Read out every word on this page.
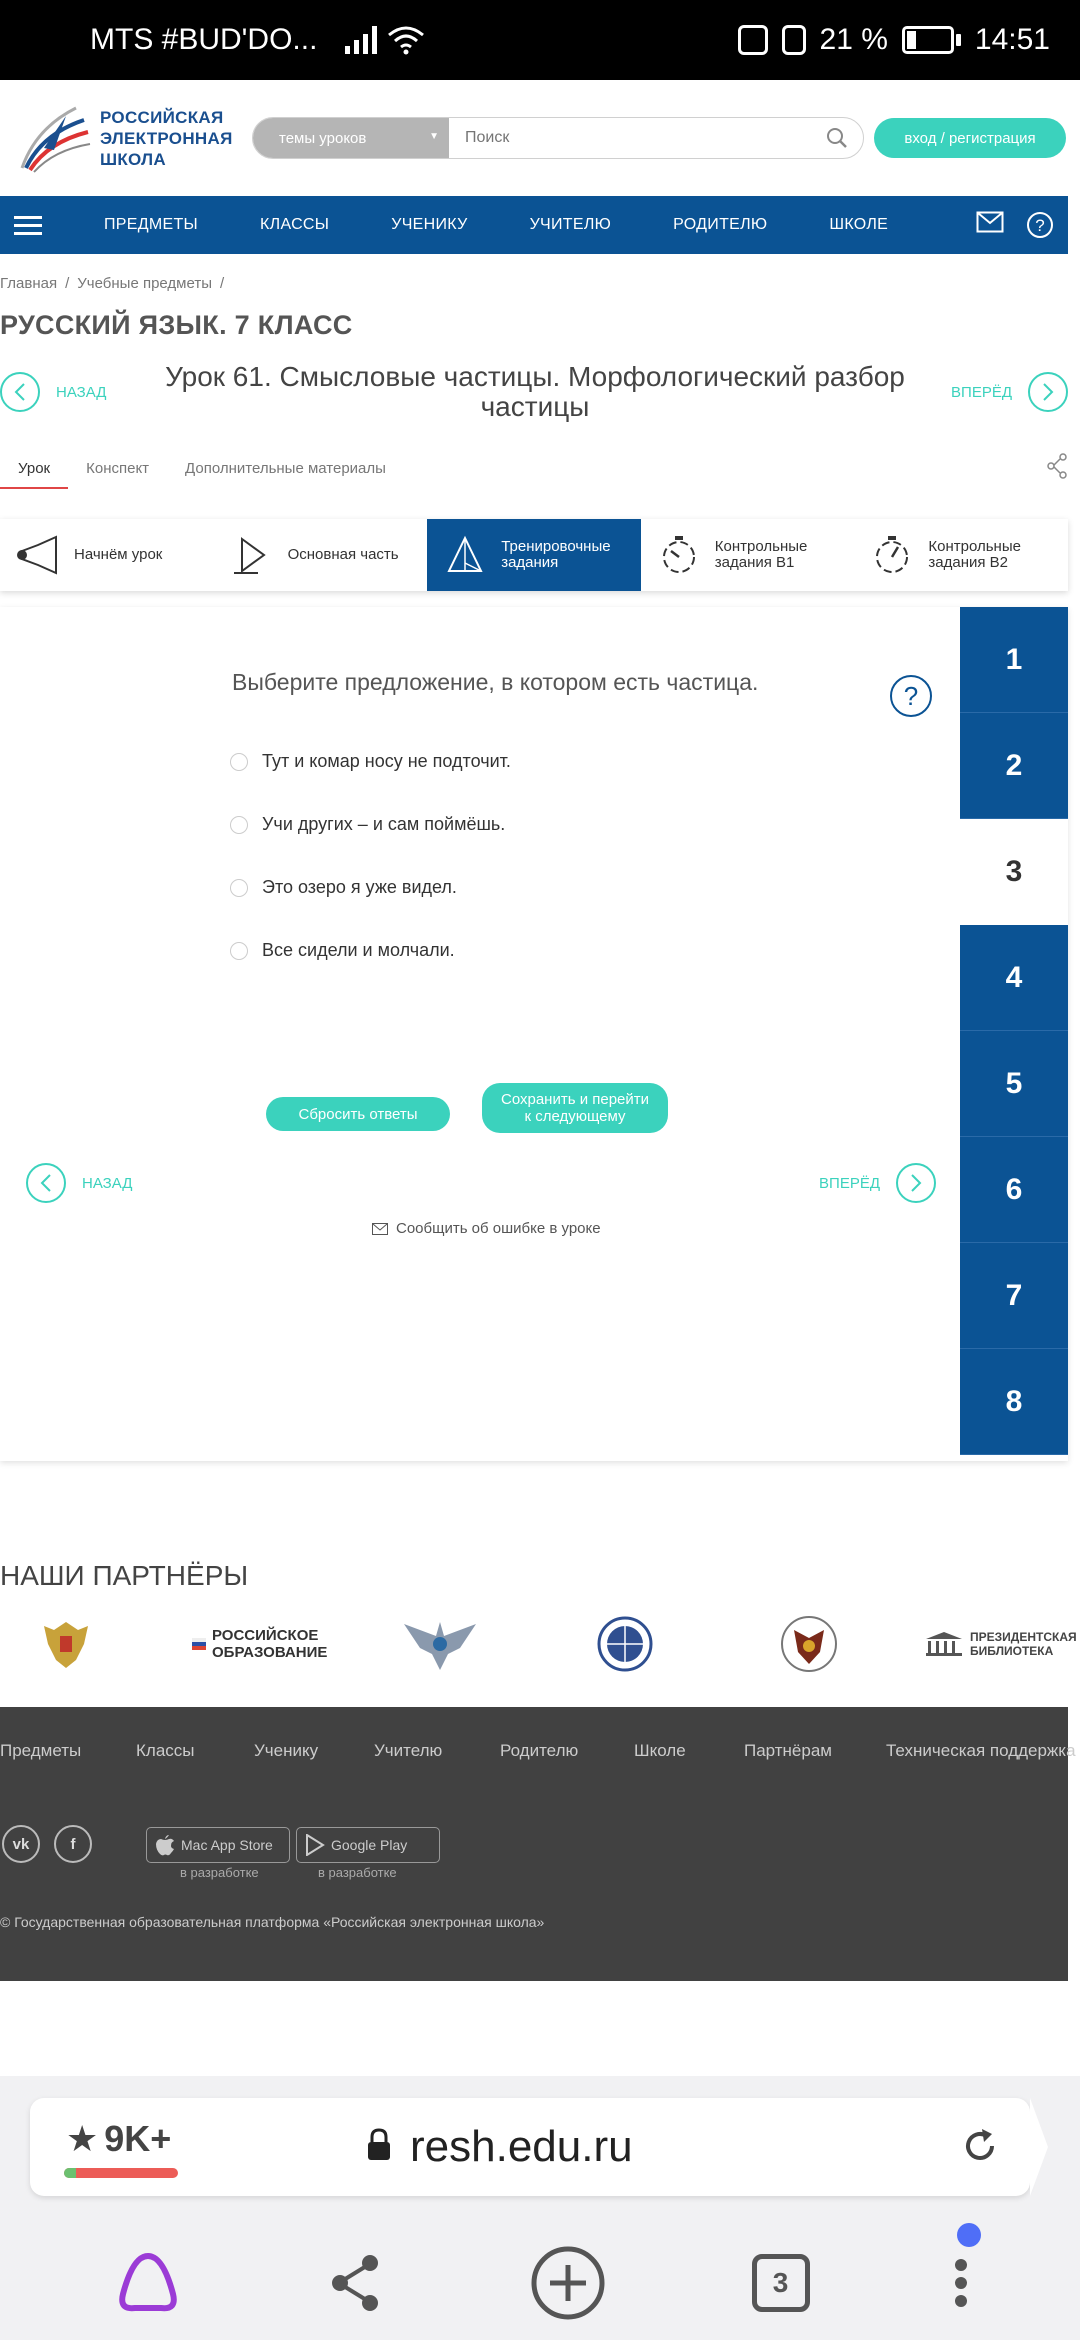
MTS #BUD'DO...	21 %	14:51
РОССИЙСКАЯ
ЭЛЕКТРОННАЯ
ШКОЛА
темы уроков	▼
Поиск	вход / регистрация
ПРЕДМЕТЫ	КЛАССЫ	УЧЕНИКУ	УЧИТЕЛЮ	РОДИТЕЛЮ	ШКОЛЕ	?
Главная / Учебные предметы /
РУССКИЙ ЯЗЫК. 7 КЛАСС
НАЗАД	Урок 61. Смысловые частицы. Морфологический разбор частицы	ВПЕРЁД
Урок	Конспект	Дополнительные материалы
Начнём урок	Основная часть	Тренировочные задания
Контрольные задания В1
Контрольные задания В2
Выберите предложение, в котором есть частица.	?
Тут и комар носу не подточит.
Учи других – и сам поймёшь.
Это озеро я уже видел.
Все сидели и молчали.
Сбросить ответы
Сохранить и перейти к следующему
НАЗАД	ВПЕРЁД
Сообщить об ошибке в уроке
1
2
3
4
5
6
7
8
НАШИ ПАРТНЁРЫ
РОССИЙСКОЕ
ОБРАЗОВАНИЕ
ПРЕЗИДЕНТСКАЯ
БИБЛИОТЕКА
Предметы	Классы	Ученику	Учителю	Родителю	Школе	Партнёрам	Техническая поддержка
vk	f	Mac App Store	Google Play
в разработке	в разработке
© Государственная образовательная платформа «Российская электронная школа»
★ 9K+	resh.edu.ru
3
